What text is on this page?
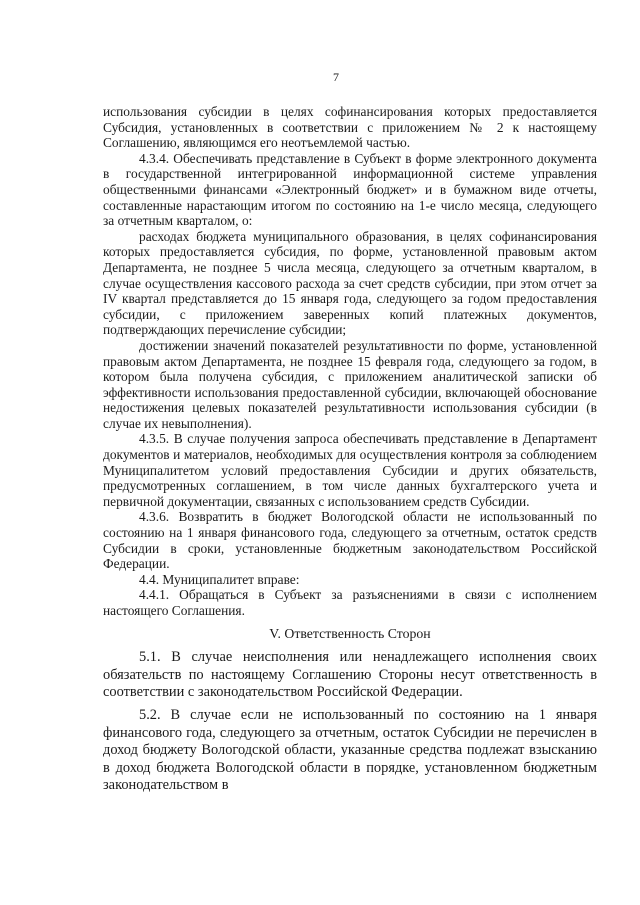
7

использования субсидии в целях софинансирования которых предоставляется Субсидия, установленных в соответствии с приложением № 2 к настоящему Соглашению, являющимся его неотъемлемой частью.

4.3.4. Обеспечивать представление в Субъект в форме электронного документа в государственной интегрированной информационной системе управления общественными финансами «Электронный бюджет» и в бумажном виде отчеты, составленные нарастающим итогом по состоянию на 1-е число месяца, следующего за отчетным кварталом, о:

расходах бюджета муниципального образования, в целях софинансирования которых предоставляется субсидия, по форме, установленной правовым актом Департамента, не позднее 5 числа месяца, следующего за отчетным кварталом, в случае осуществления кассового расхода за счет средств субсидии, при этом отчет за IV квартал представляется до 15 января года, следующего за годом предоставления субсидии, с приложением заверенных копий платежных документов, подтверждающих перечисление субсидии;

достижении значений показателей результативности по форме, установленной правовым актом Департамента, не позднее 15 февраля года, следующего за годом, в котором была получена субсидия, с приложением аналитической записки об эффективности использования предоставленной субсидии, включающей обоснование недостижения целевых показателей результативности использования субсидии (в случае их невыполнения).

4.3.5. В случае получения запроса обеспечивать представление в Департамент документов и материалов, необходимых для осуществления контроля за соблюдением Муниципалитетом условий предоставления Субсидии и других обязательств, предусмотренных соглашением, в том числе данных бухгалтерского учета и первичной документации, связанных с использованием средств Субсидии.

4.3.6. Возвратить в бюджет Вологодской области не использованный по состоянию на 1 января финансового года, следующего за отчетным, остаток средств Субсидии в сроки, установленные бюджетным законодательством Российской Федерации.

4.4. Муниципалитет вправе:

4.4.1. Обращаться в Субъект за разъяснениями в связи с исполнением настоящего Соглашения.

V. Ответственность Сторон

5.1. В случае неисполнения или ненадлежащего исполнения своих обязательств по настоящему Соглашению Стороны несут ответственность в соответствии с законодательством Российской Федерации.

5.2. В случае если не использованный по состоянию на 1 января финансового года, следующего за отчетным, остаток Субсидии не перечислен в доход бюджету Вологодской области, указанные средства подлежат взысканию в доход бюджета Вологодской области в порядке, установленном бюджетным законодательством в
